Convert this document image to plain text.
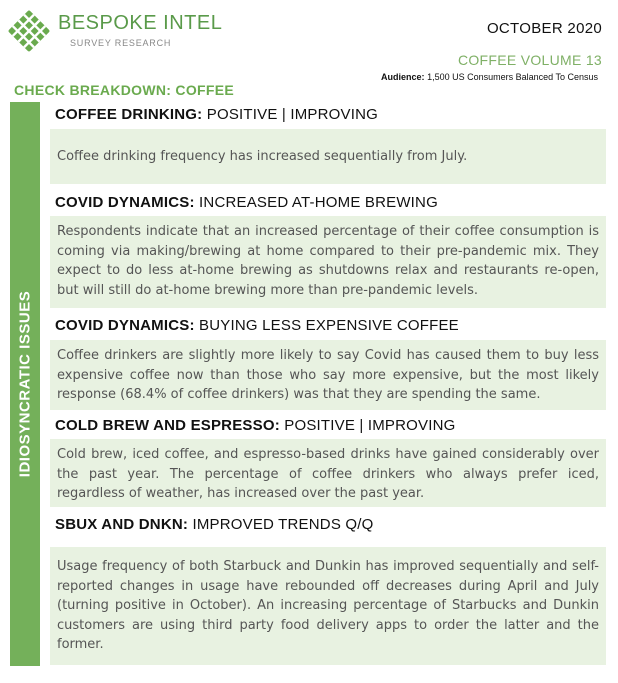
BESPOKE INTEL
SURVEY RESEARCH
OCTOBER 2020
COFFEE VOLUME 13
Audience: 1,500 US Consumers Balanced To Census
CHECK BREAKDOWN: COFFEE
IDIOSYNCRATIC ISSUES
COFFEE DRINKING: POSITIVE | IMPROVING
Coffee drinking frequency has increased sequentially from July.
COVID DYNAMICS: INCREASED AT-HOME BREWING
Respondents indicate that an increased percentage of their coffee consumption is coming via making/brewing at home compared to their pre-pandemic mix. They expect to do less at-home brewing as shutdowns relax and restaurants re-open, but will still do at-home brewing more than pre-pandemic levels.
COVID DYNAMICS: BUYING LESS EXPENSIVE COFFEE
Coffee drinkers are slightly more likely to say Covid has caused them to buy less expensive coffee now than those who say more expensive, but the most likely response (68.4% of coffee drinkers) was that they are spending the same.
COLD BREW AND ESPRESSO: POSITIVE | IMPROVING
Cold brew, iced coffee, and espresso-based drinks have gained considerably over the past year. The percentage of coffee drinkers who always prefer iced, regardless of weather, has increased over the past year.
SBUX AND DNKN: IMPROVED TRENDS Q/Q
Usage frequency of both Starbuck and Dunkin has improved sequentially and self-reported changes in usage have rebounded off decreases during April and July (turning positive in October). An increasing percentage of Starbucks and Dunkin customers are using third party food delivery apps to order the latter and the former.
